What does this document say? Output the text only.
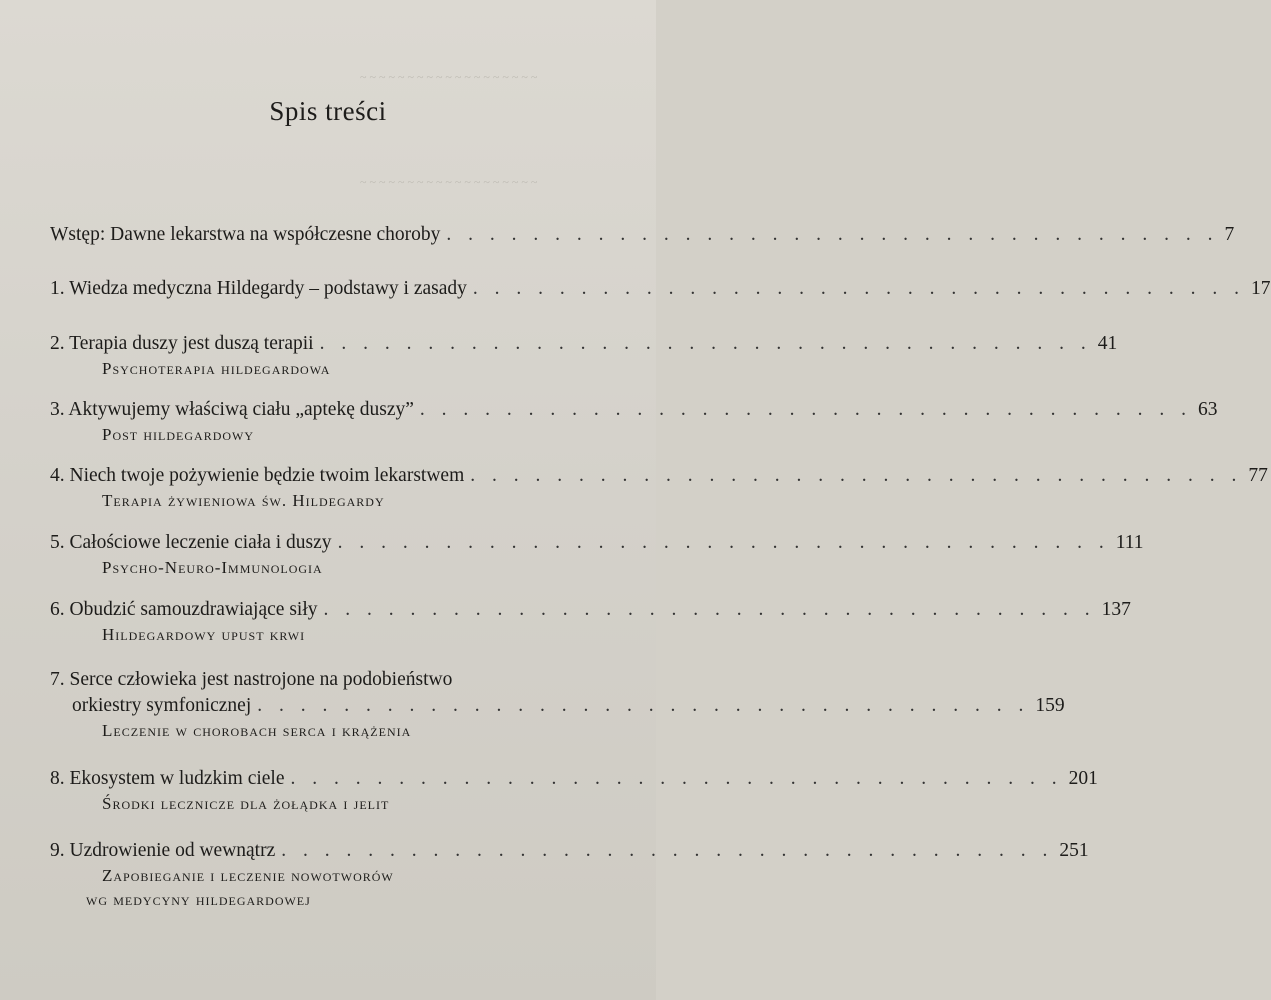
~ ~ ~ ~ ~ ~ ~ ~ ~ ~ ~ ~ ~ ~ ~ ~ ~ ~ ~
~ ~ ~ ~ ~ ~ ~ ~ ~ ~ ~ ~ ~ ~ ~ ~ ~ ~ ~
Spis treści
Wstęp: Dawne lekarstwa na współczesne choroby . . . . . . . . . . . . . . . . . . . . . . . . . . . . . . . . . . . . 7
1. Wiedza medyczna Hildegardy – podstawy i zasady . . . . . . . . . . . . . . . . . . . . . . . . . . . . . . . . . . . . 17
2. Terapia duszy jest duszą terapii . . . . . . . . . . . . . . . . . . . . . . . . . . . . . . . . . . . . 41
Psychoterapia hildegardowa
3. Aktywujemy właściwą ciału „aptekę duszy” . . . . . . . . . . . . . . . . . . . . . . . . . . . . . . . . . . . . 63
Post hildegardowy
4. Niech twoje pożywienie będzie twoim lekarstwem . . . . . . . . . . . . . . . . . . . . . . . . . . . . . . . . . . . . 77
Terapia żywieniowa św. Hildegardy
5. Całościowe leczenie ciała i duszy . . . . . . . . . . . . . . . . . . . . . . . . . . . . . . . . . . . . 111
Psycho-Neuro-Immunologia
6. Obudzić samouzdrawiające siły . . . . . . . . . . . . . . . . . . . . . . . . . . . . . . . . . . . . 137
Hildegardowy upust krwi
7. Serce człowieka jest nastrojone na podobieństwo
orkiestry symfonicznej . . . . . . . . . . . . . . . . . . . . . . . . . . . . . . . . . . . . 159
Leczenie w chorobach serca i krążenia
8. Ekosystem w ludzkim ciele . . . . . . . . . . . . . . . . . . . . . . . . . . . . . . . . . . . . 201
Środki lecznicze dla żołądka i jelit
9. Uzdrowienie od wewnątrz . . . . . . . . . . . . . . . . . . . . . . . . . . . . . . . . . . . . 251
Zapobieganie i leczenie nowotworów
wg medycyny hildegardowej
